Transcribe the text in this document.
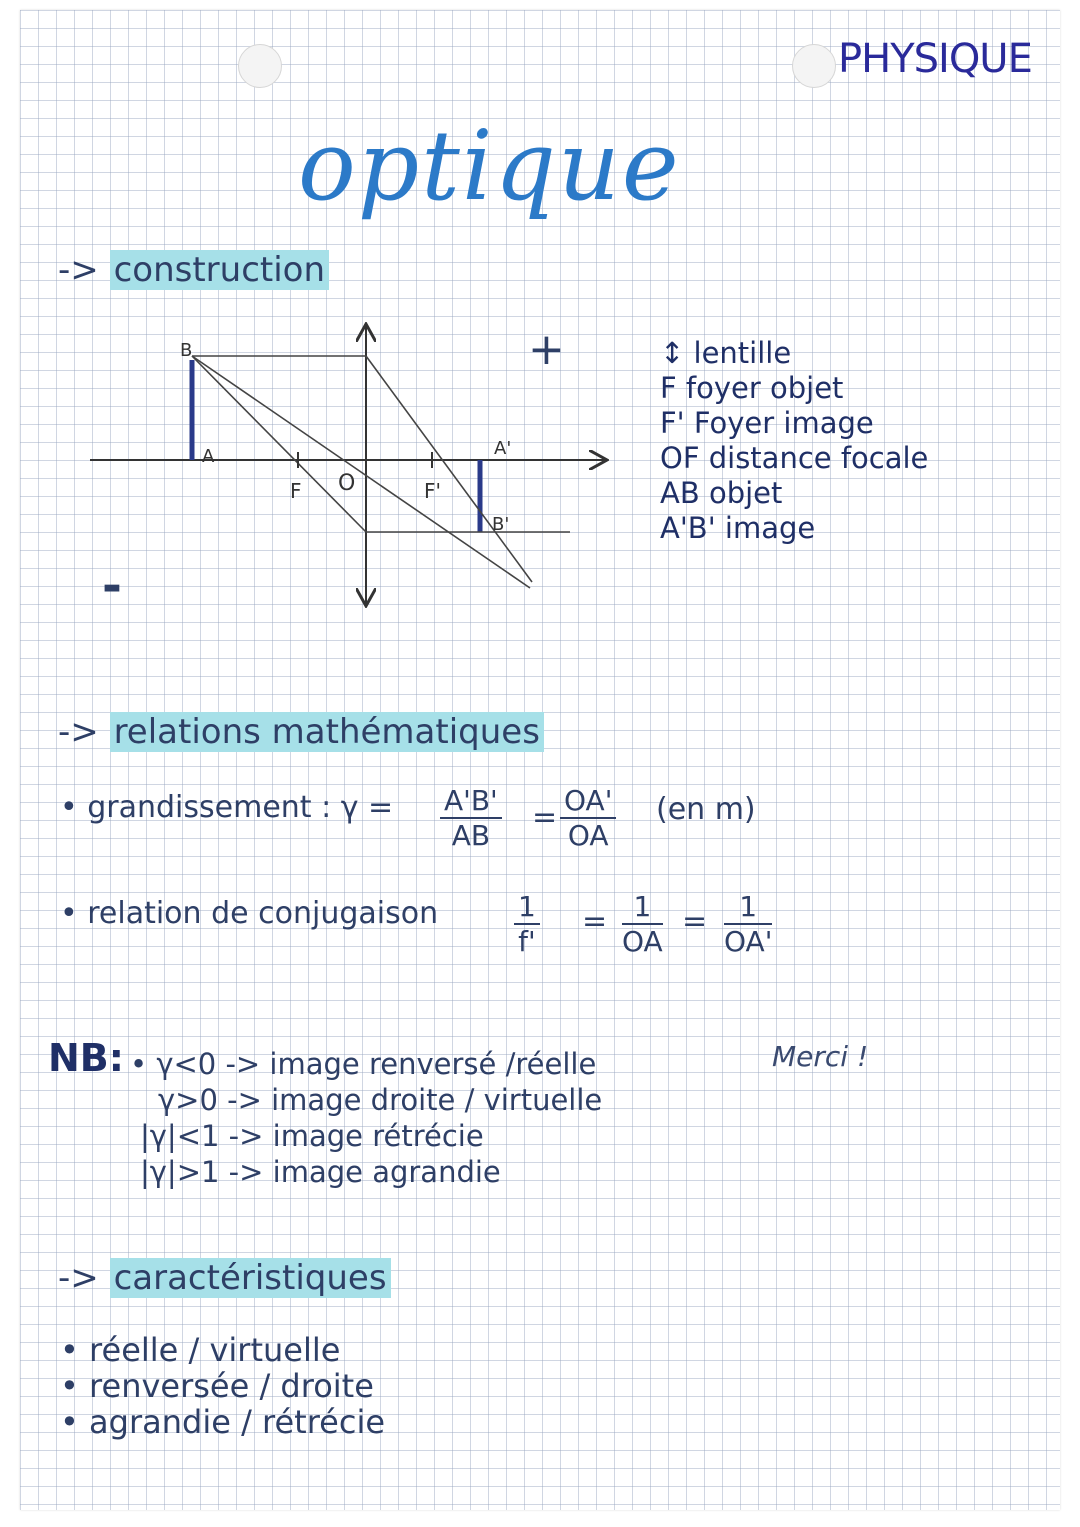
PHYSIQUE
optique
-> construction
B
A
F O	F'
A'
B'
+
-
↕ lentille
F foyer objet
F' Foyer image
OF distance focale
AB objet
A'B' image
-> relations mathématiques
• grandissement : $\gamma = \frac{A'B'}{AB} = \frac{OA'}{OA} (en$ m)
• relation de conjugaison	$\frac{1}{f'} = \frac{1}{OA} = \frac{1}{OA'}$
NB: • γ<0 -> image renversé /réelle
γ>0 -> image droite / virtuelle
|γ|<1 -> image rétrécie
|γ|>1 -> image agrandie
Merci !
-> caractéristiques
• réelle / virtuelle
• renversée / droite
• agrandie / rétrécie
